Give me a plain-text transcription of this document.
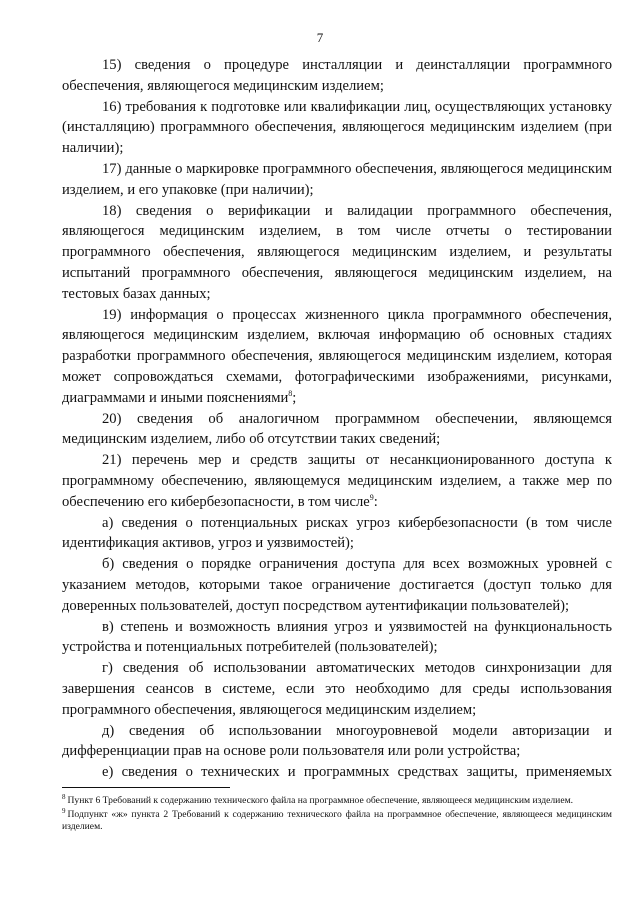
7

15) сведения о процедуре инсталляции и деинсталляции программного обеспечения, являющегося медицинским изделием;

16) требования к подготовке или квалификации лиц, осуществляющих установку (инсталляцию) программного обеспечения, являющегося медицинским изделием (при наличии);

17) данные о маркировке программного обеспечения, являющегося медицинским изделием, и его упаковке (при наличии);

18) сведения о верификации и валидации программного обеспечения, являющегося медицинским изделием, в том числе отчеты о тестировании программного обеспечения, являющегося медицинским изделием, и результаты испытаний программного обеспечения, являющегося медицинским изделием, на тестовых базах данных;

19) информация о процессах жизненного цикла программного обеспечения, являющегося медицинским изделием, включая информацию об основных стадиях разработки программного обеспечения, являющегося медицинским изделием, которая может сопровождаться схемами, фотографическими изображениями, рисунками, диаграммами и иными пояснениями$^8$;

20) сведения об аналогичном программном обеспечении, являющемся медицинским изделием, либо об отсутствии таких сведений;

21) перечень мер и средств защиты от несанкционированного доступа к программному обеспечению, являющемуся медицинским изделием, а также мер по обеспечению его кибербезопасности, в том числе$^9$:

а) сведения о потенциальных рисках угроз кибербезопасности (в том числе идентификация активов, угроз и уязвимостей);

б) сведения о порядке ограничения доступа для всех возможных уровней с указанием методов, которыми такое ограничение достигается (доступ только для доверенных пользователей, доступ посредством аутентификации пользователей);

в) степень и возможность влияния угроз и уязвимостей на функциональность устройства и потенциальных потребителей (пользователей);

г) сведения об использовании автоматических методов синхронизации для завершения сеансов в системе, если это необходимо для среды использования программного обеспечения, являющегося медицинским изделием;

д) сведения об использовании многоуровневой модели авторизации и дифференциации прав на основе роли пользователя или роли устройства;

е) сведения о технических и программных средствах защиты, применяемых

$^8$ Пункт 6 Требований к содержанию технического файла на программное обеспечение, являющееся медицинским изделием.

$^9$ Подпункт «ж» пункта 2 Требований к содержанию технического файла на программное обеспечение, являющееся медицинским изделием.
